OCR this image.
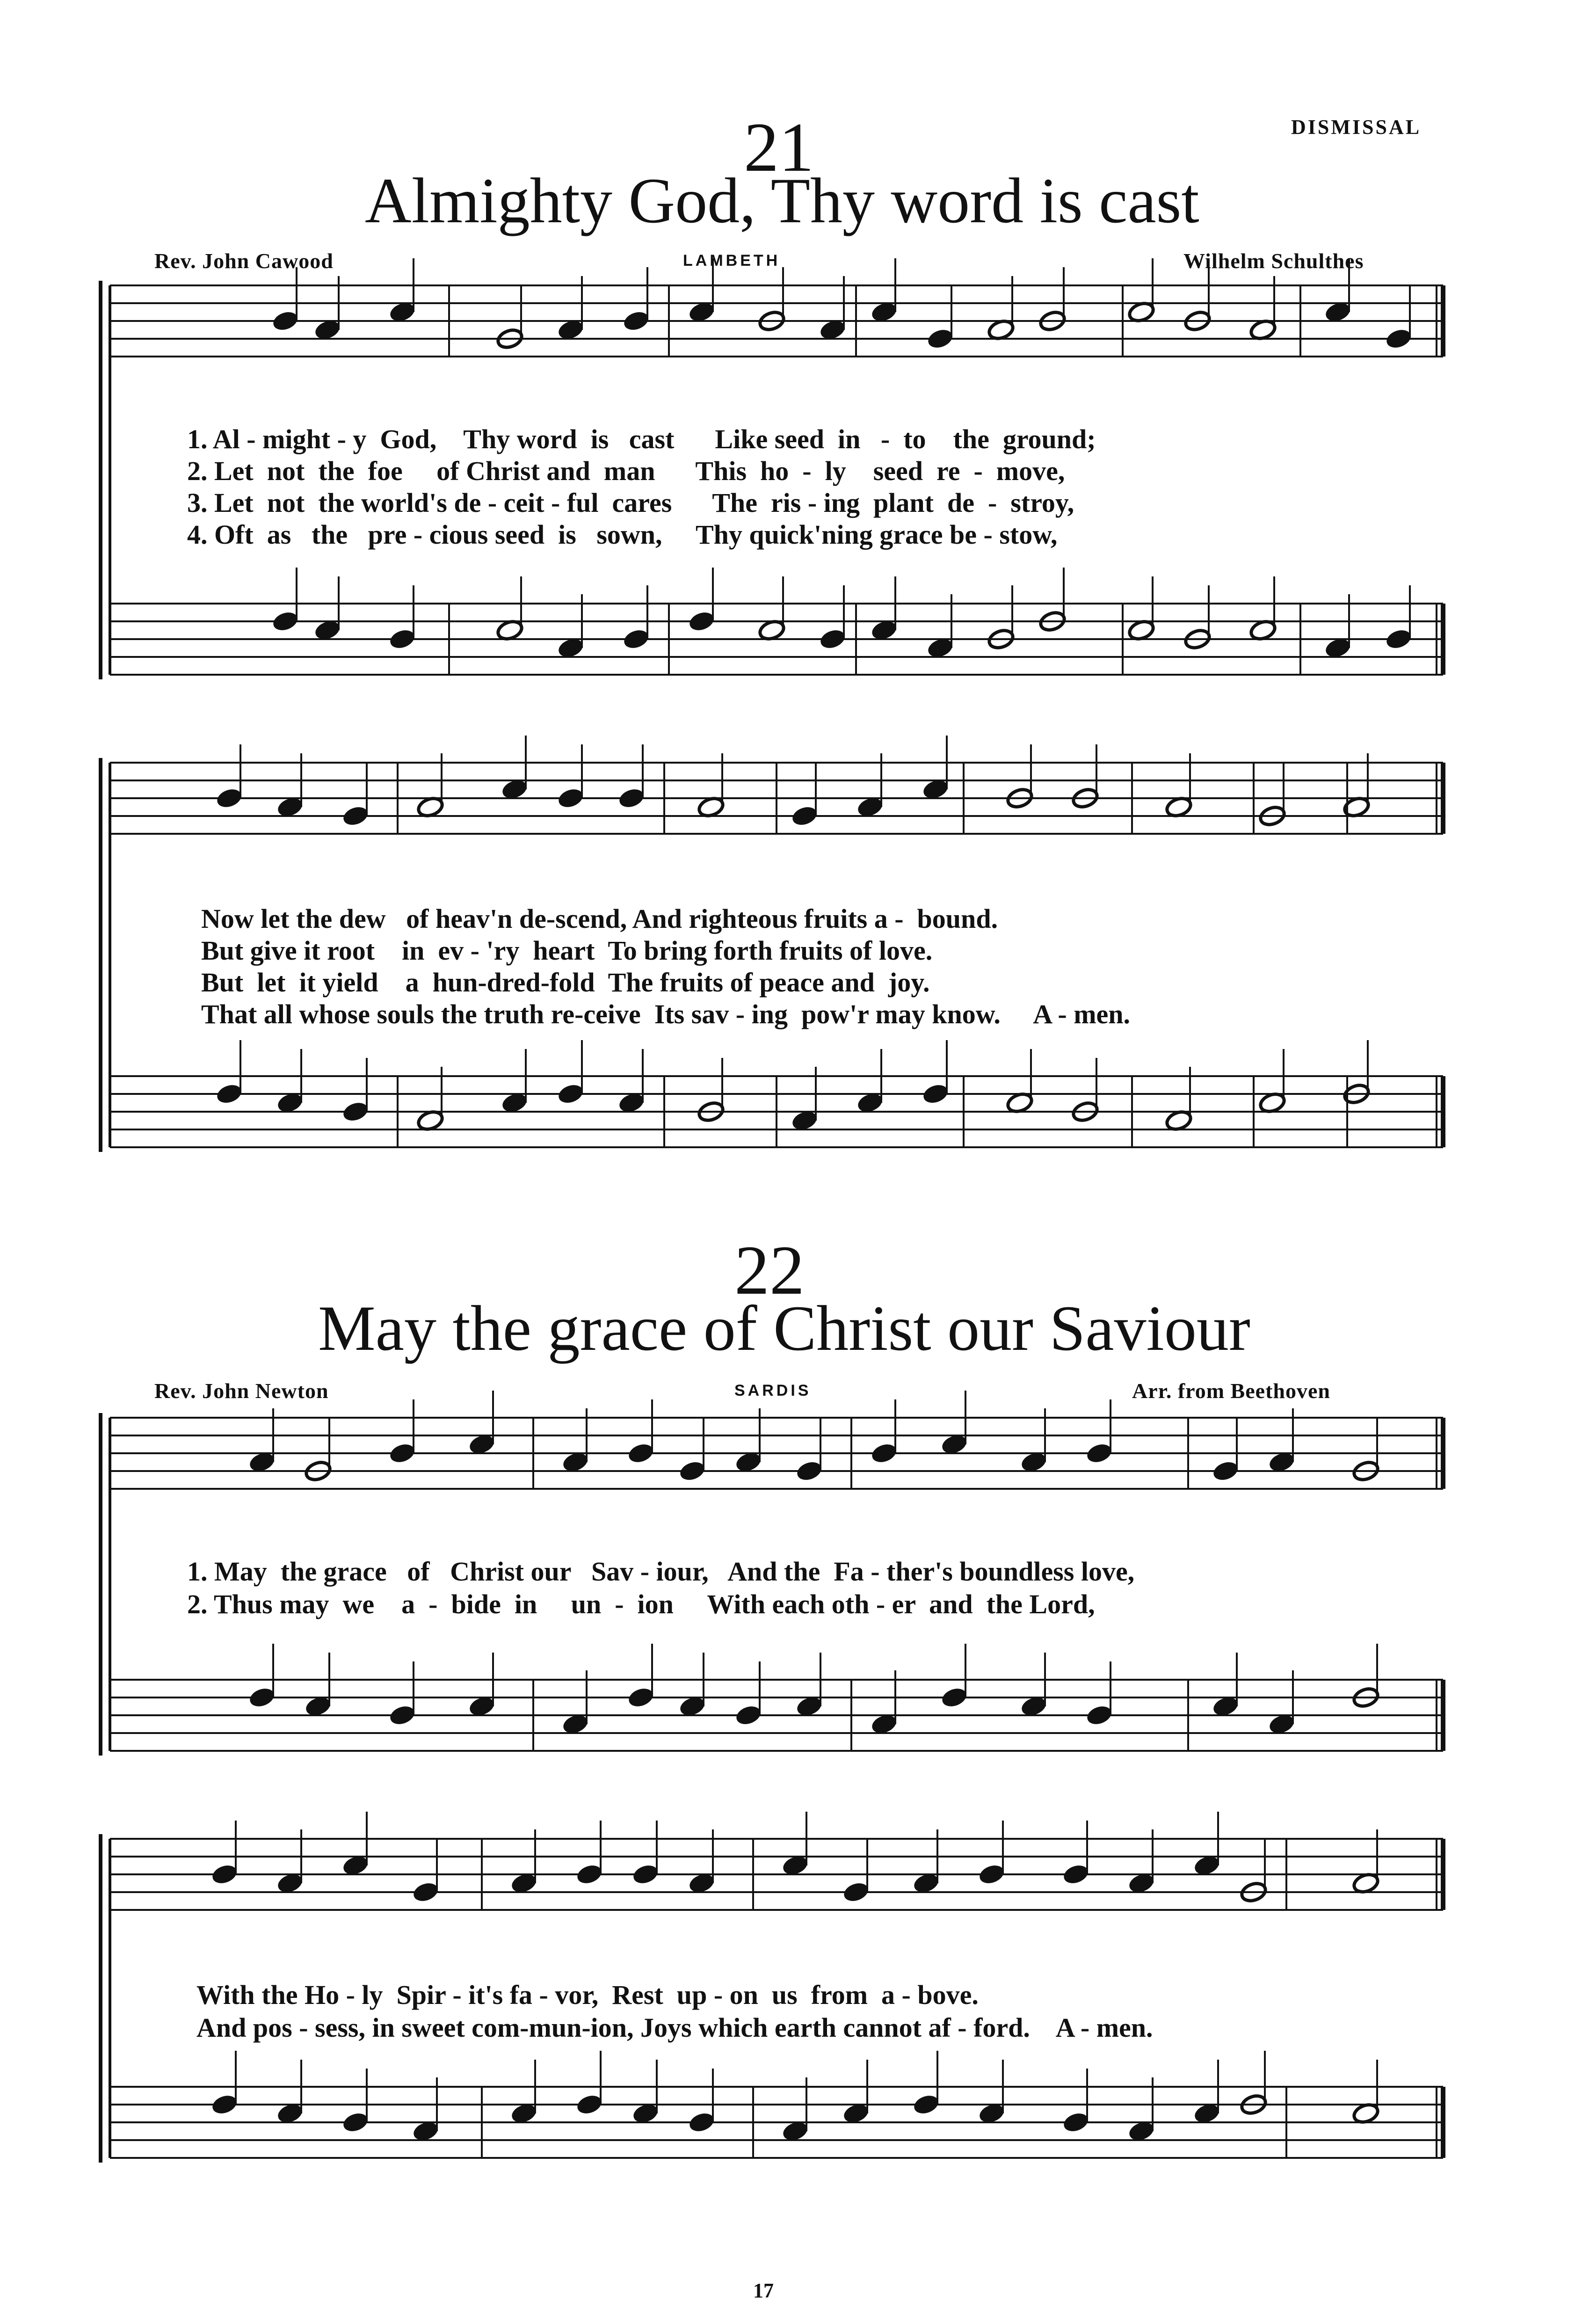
DISMISSAL
21
Almighty God, Thy word is cast
Rev. John Cawood	LAMBETH	Wilhelm Schulthes
1. Al - might - y  God,    Thy word  is   cast      Like seed  in   -  to    the  ground;
2. Let  not  the  foe     of Christ and  man      This  ho  -  ly    seed  re  -  move,
3. Let  not  the world's de - ceit - ful  cares      The  ris - ing  plant  de  -  stroy,
4. Oft  as   the   pre - cious seed  is   sown,     Thy quick'ning grace be - stow,
Now let the dew   of heav'n de-scend, And righteous fruits a -  bound.
But give it root    in  ev - 'ry  heart  To bring forth fruits of love.
But  let  it yield    a  hun-dred-fold  The fruits of peace and  joy.
That all whose souls the truth re-ceive  Its sav - ing  pow'r may know.     A - men.
22
May the grace of Christ our Saviour
Rev. John Newton	SARDIS	Arr. from Beethoven
1. May  the grace   of   Christ our   Sav - iour,   And the  Fa - ther's boundless love,
2. Thus may  we    a  -  bide  in     un  -  ion     With each oth - er  and  the Lord,
With the Ho - ly  Spir - it's fa - vor,  Rest  up - on  us  from  a - bove.
And pos - sess, in sweet com-mun-ion, Joys which earth cannot af - ford.    A - men.
17
